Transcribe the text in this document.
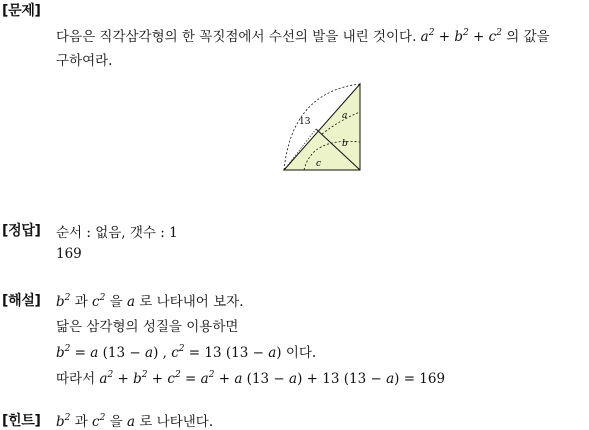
[문제]
다음은 직각삼각형의 한 꼭짓점에서 수선의 발을 내린 것이다. $a^2 + b^2 + c^2$ 의 값을
구하여라.
13
a
b
c
[정답] 순서 : 없음, 갯수 : 1
169
[해설] $b^2$ 과 $c^2$ 을 a 로 나타내어 보자.
닮은 삼각형의 성질을 이용하면
$b^2 = a$ (13 − a) , $c^2 = 13$ (13 − a) 이다.
따라서 $a^2 + b^2 + c^2 = a^2 + a$ (13 − a) + 13 (13 − a) = 169
[힌트] $b^2$ 과 $c^2$ 을 a 로 나타낸다.
